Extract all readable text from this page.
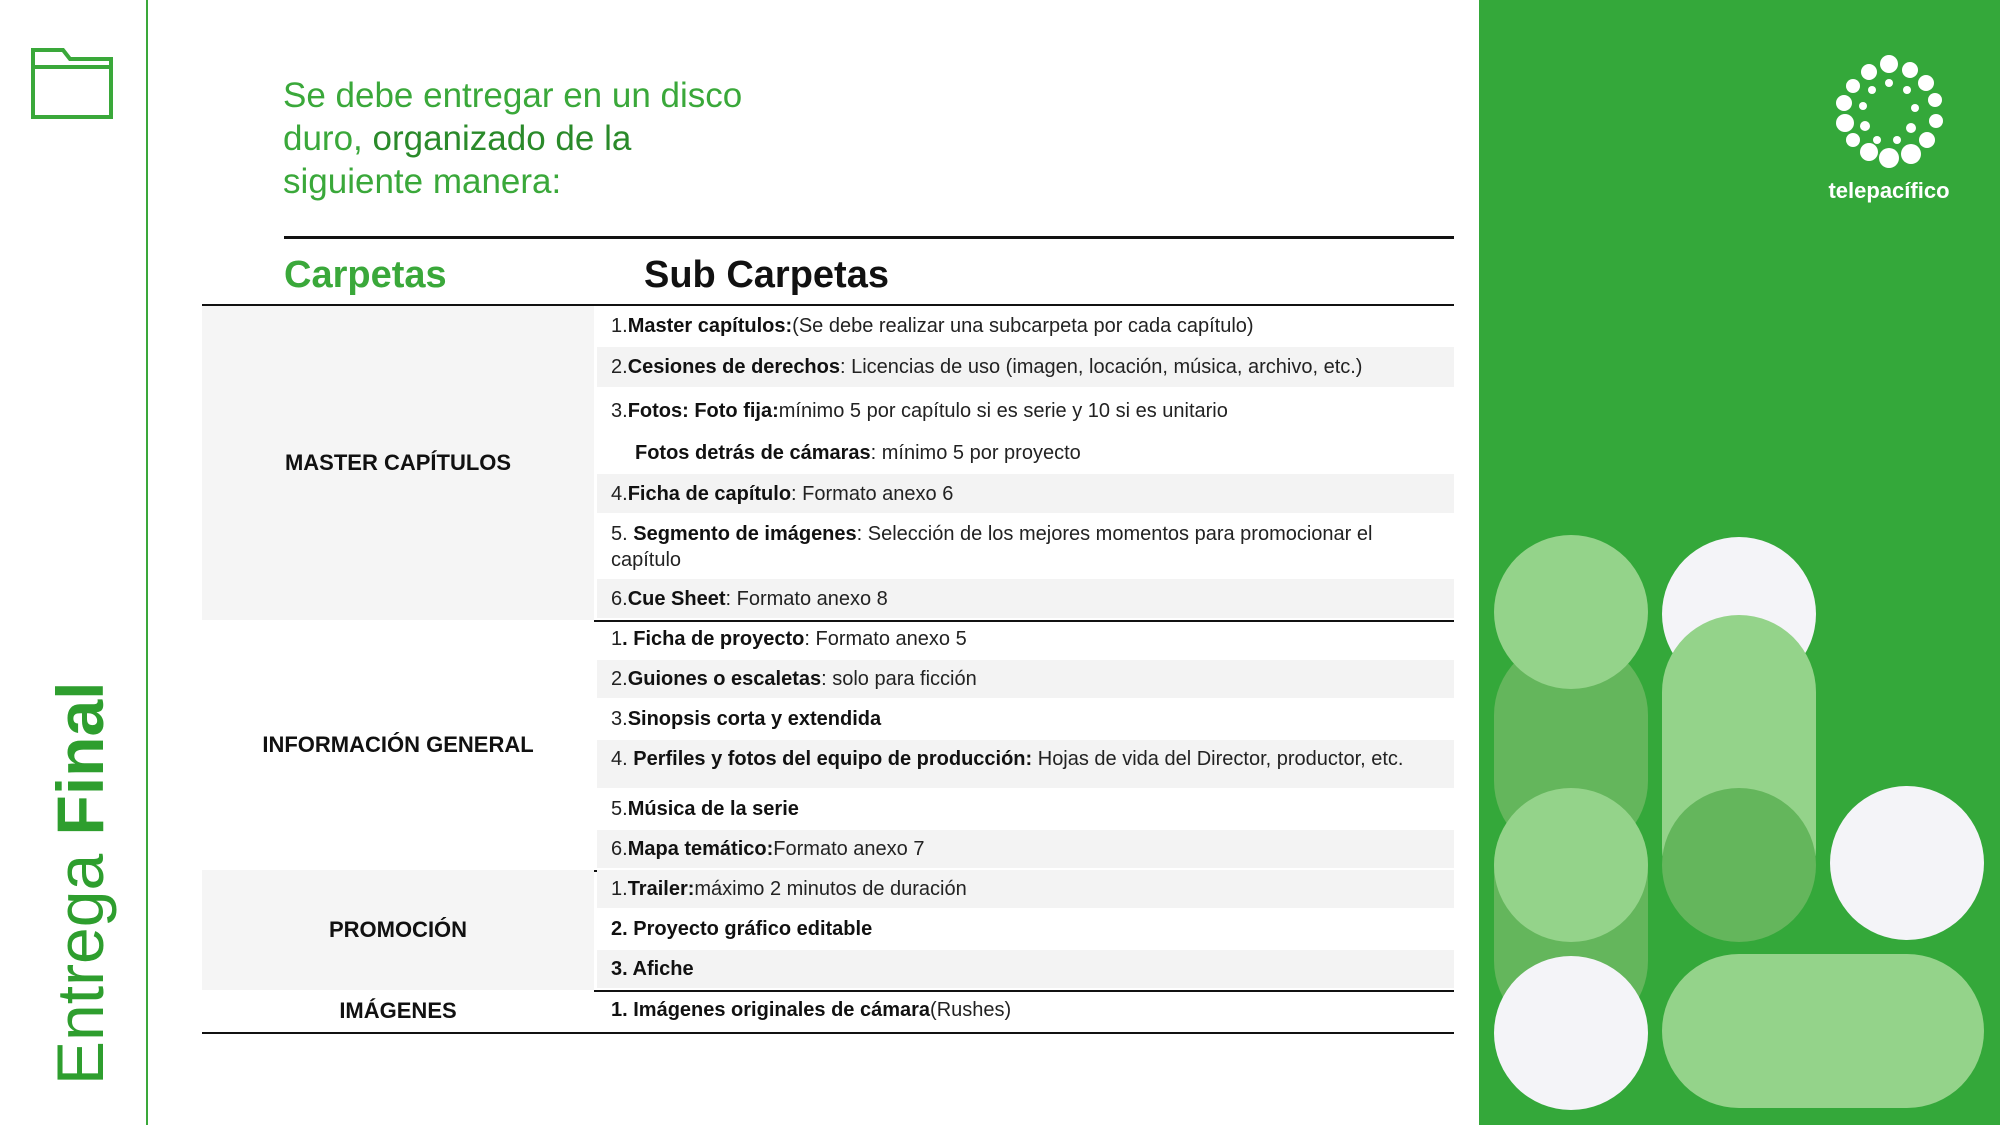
Entrega Final
Se debe entregar en un disco
duro, organizado de la
siguiente manera:
Carpetas	Sub Carpetas
MASTER CAPÍTULOS
1. Master capítulos: (Se debe realizar una subcarpeta por cada capítulo)
2. Cesiones de derechos : Licencias de uso (imagen, locación, música, archivo, etc.)
3. Fotos: Foto fija: mínimo 5 por capítulo si es serie y 10 si es unitario
Fotos detrás de cámaras : mínimo 5 por proyecto
4. Ficha de capítulo : Formato anexo 6
5. Segmento de imágenes: Selección de los mejores momentos para promocionar el capítulo
6. Cue Sheet : Formato anexo 8
INFORMACIÓN GENERAL
1 . Ficha de proyecto : Formato anexo 5
2. Guiones o escaletas : solo para ficción
3. Sinopsis corta y extendida
4. Perfiles y fotos del equipo de producción: Hojas de vida del Director, productor, etc.
5. Música de la serie
6. Mapa temático: Formato anexo 7
PROMOCIÓN
1. Trailer: máximo 2 minutos de duración
2. Proyecto gráfico editable
3. Afiche
IMÁGENES	1. Imágenes originales de cámara (Rushes)
telepacífico
